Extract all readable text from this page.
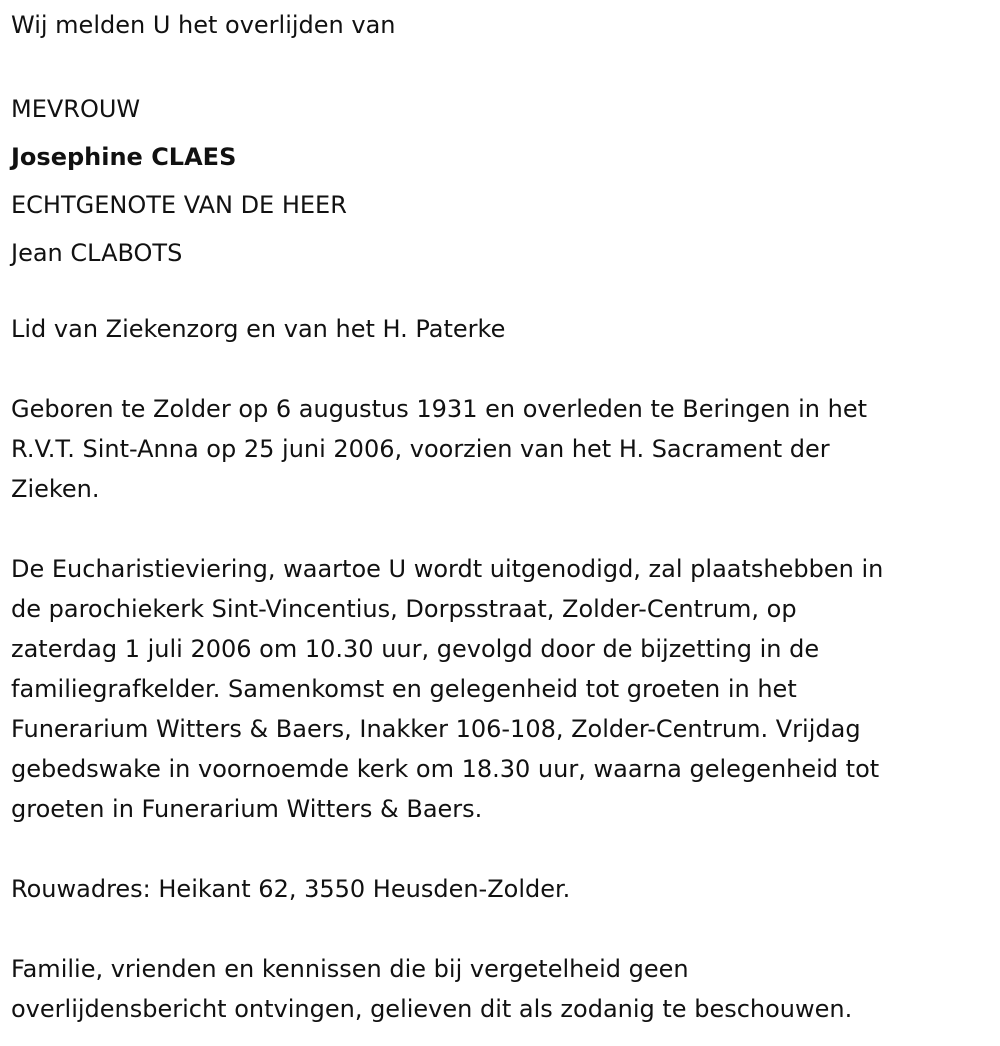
Wij melden U het overlijden van

MEVROUW

Josephine CLAES

ECHTGENOTE VAN DE HEER

Jean CLABOTS

Lid van Ziekenzorg en van het H. Paterke

Geboren te Zolder op 6 augustus 1931 en overleden te Beringen in het

R.V.T. Sint-Anna op 25 juni 2006, voorzien van het H. Sacrament der

Zieken.

De Eucharistieviering, waartoe U wordt uitgenodigd, zal plaatshebben in

de parochiekerk Sint-Vincentius, Dorpsstraat, Zolder-Centrum, op

zaterdag 1 juli 2006 om 10.30 uur, gevolgd door de bijzetting in de

familiegrafkelder. Samenkomst en gelegenheid tot groeten in het

Funerarium Witters & Baers, Inakker 106-108, Zolder-Centrum. Vrijdag

gebedswake in voornoemde kerk om 18.30 uur, waarna gelegenheid tot

groeten in Funerarium Witters & Baers.

Rouwadres: Heikant 62, 3550 Heusden-Zolder.

Familie, vrienden en kennissen die bij vergetelheid geen

overlijdensbericht ontvingen, gelieven dit als zodanig te beschouwen.
